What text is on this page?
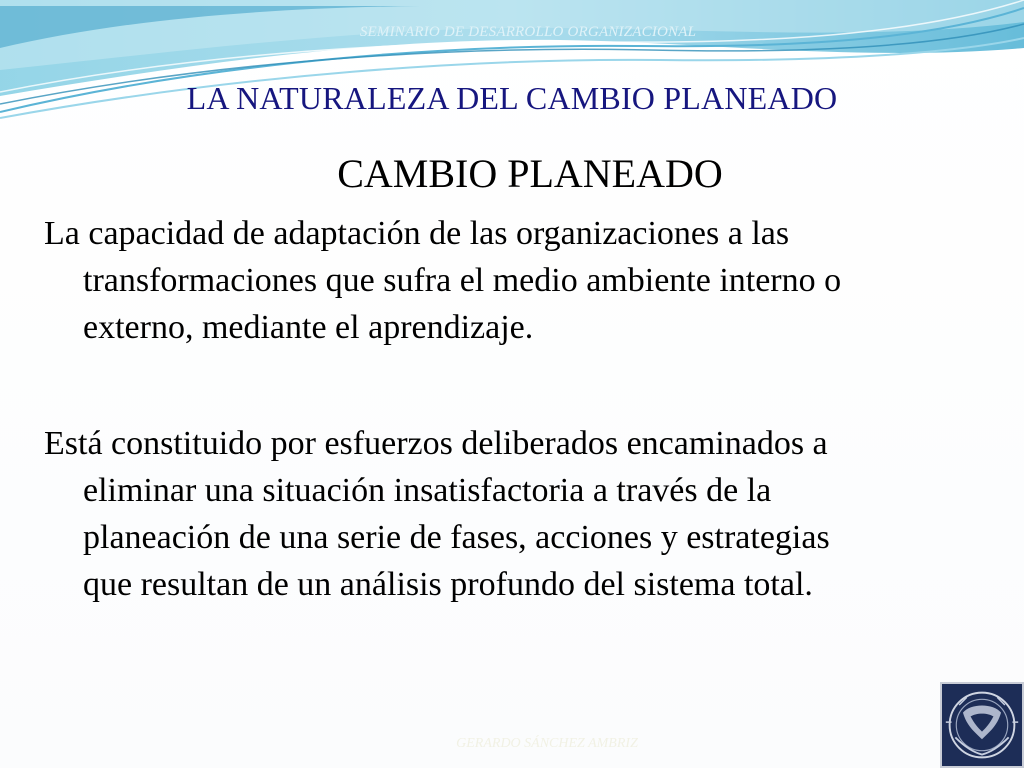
SEMINARIO DE DESARROLLO ORGANIZACIONAL
LA NATURALEZA DEL CAMBIO PLANEADO
CAMBIO PLANEADO

La capacidad de adaptación de las organizaciones a las
transformaciones que sufra el medio ambiente interno o
externo, mediante el aprendizaje.

Está constituido por esfuerzos deliberados encaminados a
eliminar una situación insatisfactoria a través de la
planeación de una serie de fases, acciones y estrategias
que resultan de un análisis profundo del sistema total.

GERARDO SÁNCHEZ AMBRIZ
